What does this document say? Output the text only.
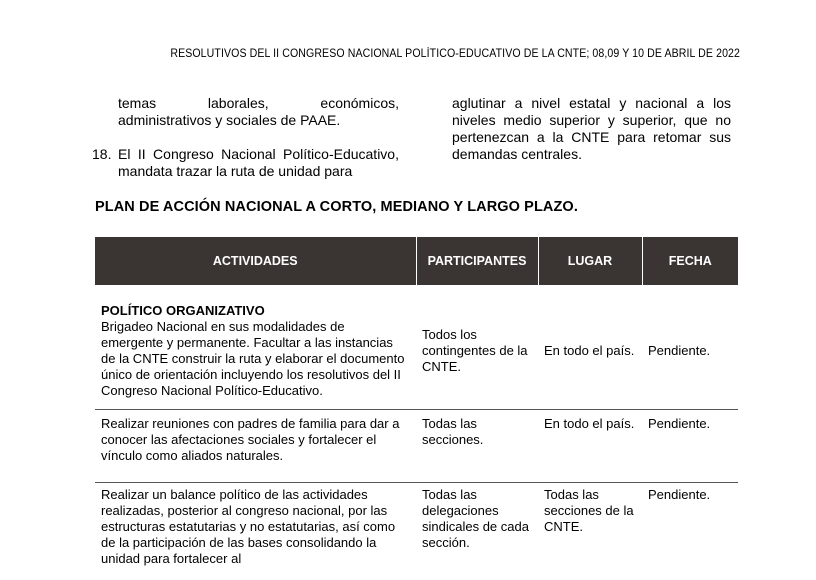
RESOLUTIVOS DEL II CONGRESO NACIONAL POLÍTICO-EDUCATIVO DE LA CNTE; 08,09 Y 10 DE ABRIL DE 2022

temas laborales, económicos, administrativos y sociales de PAAE.

18. El II Congreso Nacional Político-Educativo, mandata trazar la ruta de unidad para

aglutinar a nivel estatal y nacional a los niveles medio superior y superior, que no pertenezcan a la CNTE para retomar sus demandas centrales.

PLAN DE ACCIÓN NACIONAL A CORTO, MEDIANO Y LARGO PLAZO.
ACTIVIDADES	PARTICIPANTES	LUGAR	FECHA

POLÍTICO ORGANIZATIVO
Brigadeo Nacional en sus modalidades de emergente y permanente. Facultar a las instancias de la CNTE construir la ruta y elaborar el documento único de orientación incluyendo los resolutivos del II Congreso Nacional Político-Educativo.	Todos los contingentes de la CNTE.	En todo el país.	Pendiente.
Realizar reuniones con padres de familia para dar a conocer las afectaciones sociales y fortalecer el vínculo como aliados naturales.	Todas las secciones.	En todo el país.	Pendiente.
Realizar un balance político de las actividades realizadas, posterior al congreso nacional, por las estructuras estatutarias y no estatutarias, así como de la participación de las bases consolidando la unidad para fortalecer al	Todas las delegaciones sindicales de cada sección.	Todas las secciones de la CNTE.	Pendiente.
